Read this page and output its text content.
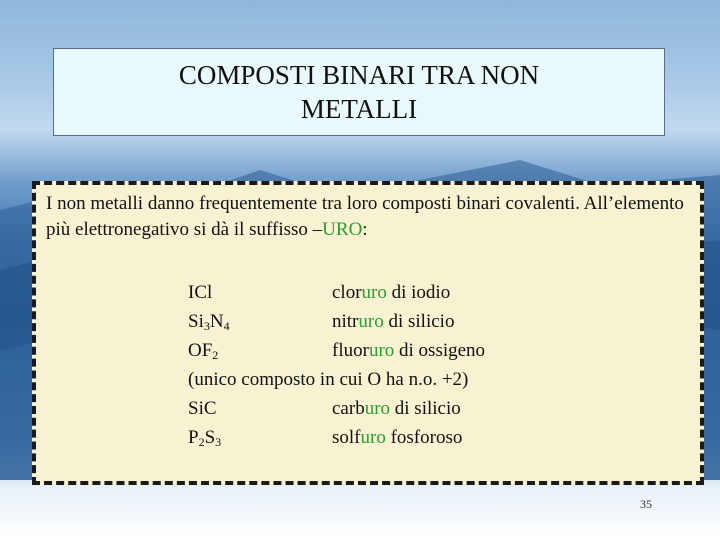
COMPOSTI BINARI TRA NON METALLI
I non metalli danno frequentemente tra loro composti binari covalenti. All’elemento più elettronegativo si dà il suffisso –URO:
ICl	cloruro di iodio
$Si_3N_4$	nitruro di silicio
$OF_2$	fluoruro di ossigeno
(unico composto in cui O ha n.o. +2)
SiC	carburo di silicio
$P_2S_3$	solfuro fosforoso
35
